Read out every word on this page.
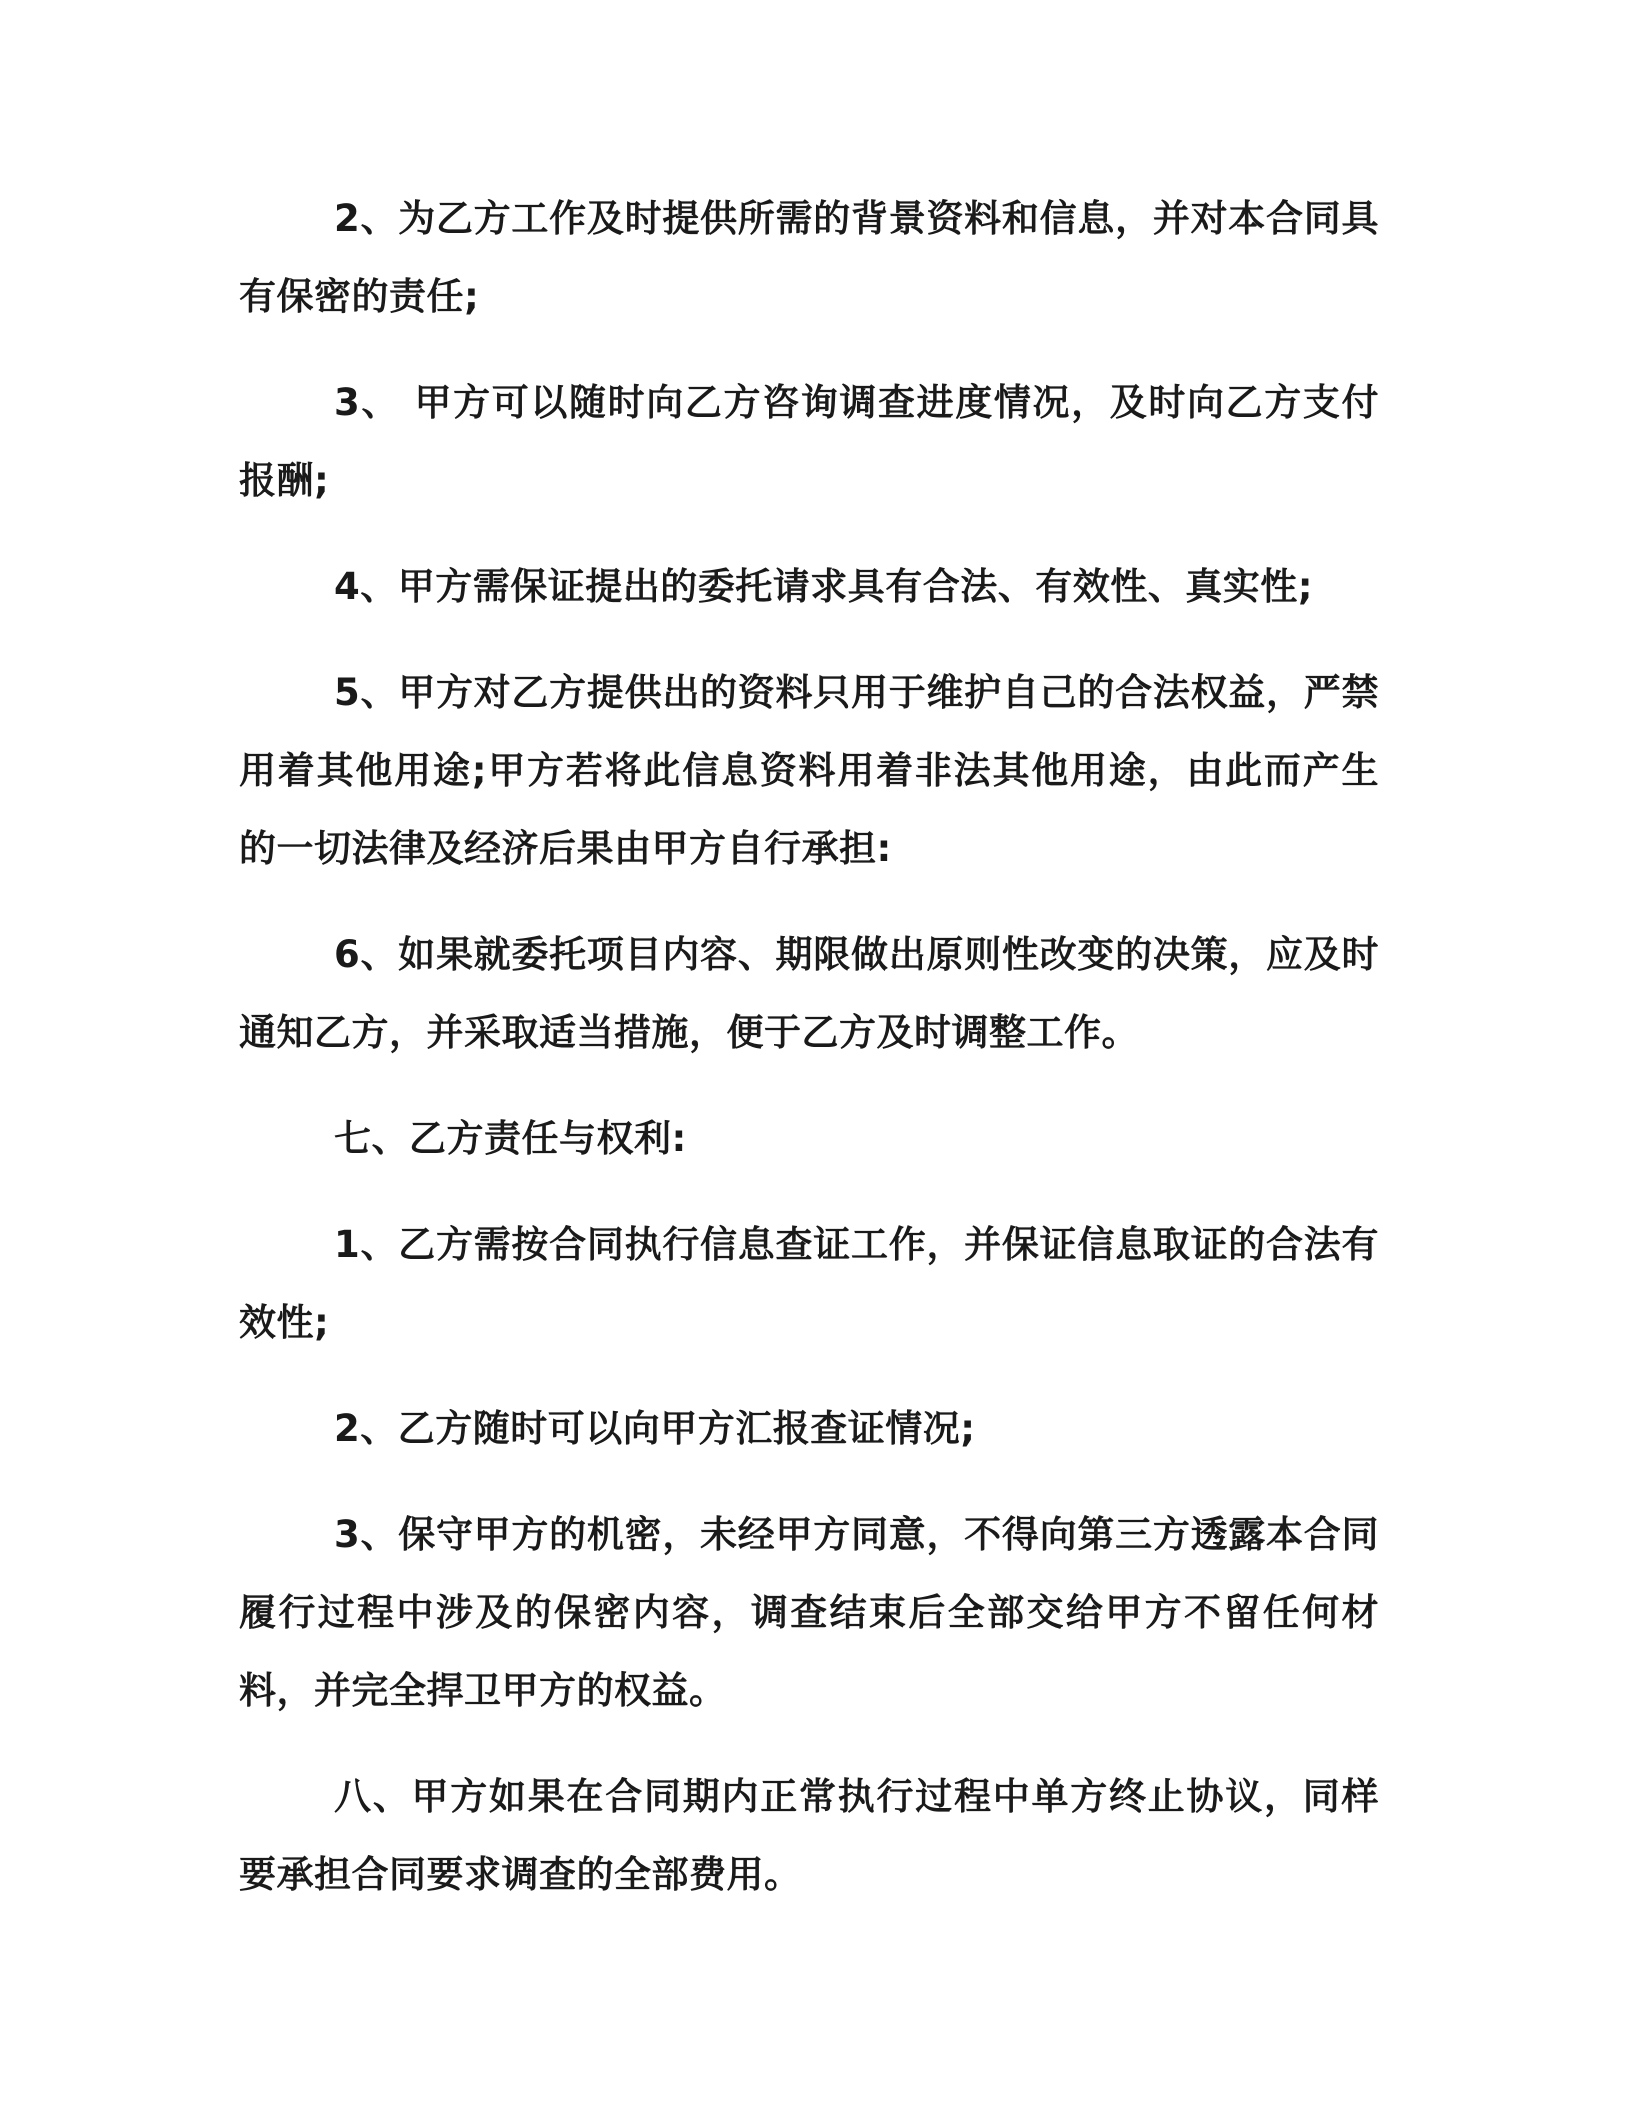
2、为乙方工作及时提供所需的背景资料和信息，并对本合同具有保密的责任;

3、 甲方可以随时向乙方咨询调查进度情况，及时向乙方支付报酬;

4、甲方需保证提出的委托请求具有合法、有效性、真实性;

5、甲方对乙方提供出的资料只用于维护自己的合法权益，严禁用着其他用途;甲方若将此信息资料用着非法其他用途，由此而产生的一切法律及经济后果由甲方自行承担:

6、如果就委托项目内容、期限做出原则性改变的决策，应及时通知乙方，并采取适当措施，便于乙方及时调整工作。

七、乙方责任与权利:

1、乙方需按合同执行信息查证工作，并保证信息取证的合法有效性;

2、乙方随时可以向甲方汇报查证情况;

3、保守甲方的机密，未经甲方同意，不得向第三方透露本合同履行过程中涉及的保密内容，调查结束后全部交给甲方不留任何材料，并完全捍卫甲方的权益。

八、甲方如果在合同期内正常执行过程中单方终止协议，同样要承担合同要求调查的全部费用。
